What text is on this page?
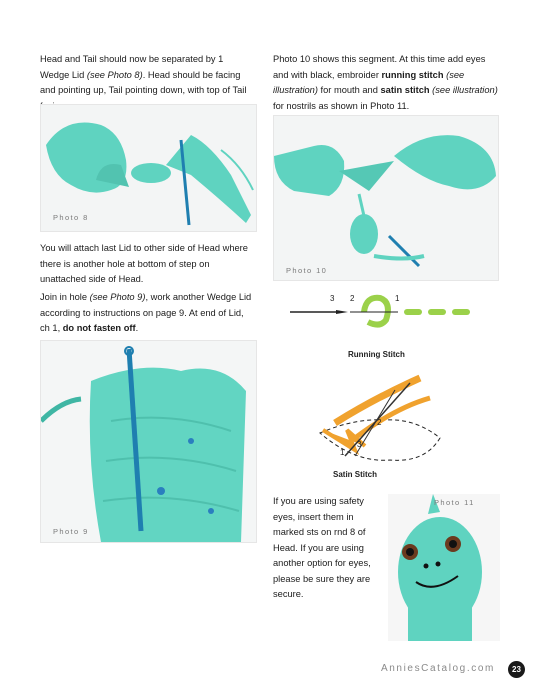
Head and Tail should now be separated by 1 Wedge Lid (see Photo 8). Head should be facing and pointing up, Tail pointing down, with top of Tail
Photo 8
You will attach last Lid to other side of Head where there is another hole at bottom of step on unattached side of Head.
Join in hole (see Photo 9), work another Wedge Lid according to instructions on page 9. At end of Lid, ch 1, do not fasten off.
Photo 9
Photo 10 shows this segment. At this time add eyes and with black, embroider running stitch (see illustration) for mouth and satin stitch (see illustration) for nostrils as shown in Photo 11.
Photo 10
3 2	1
Running Stitch
1
2
3
Satin Stitch
If you are using safety eyes, insert them in marked sts on rnd 8 of Head. If you are using another option for eyes, please be sure they are secure.
Photo 11
AnniesCatalog.com	23
